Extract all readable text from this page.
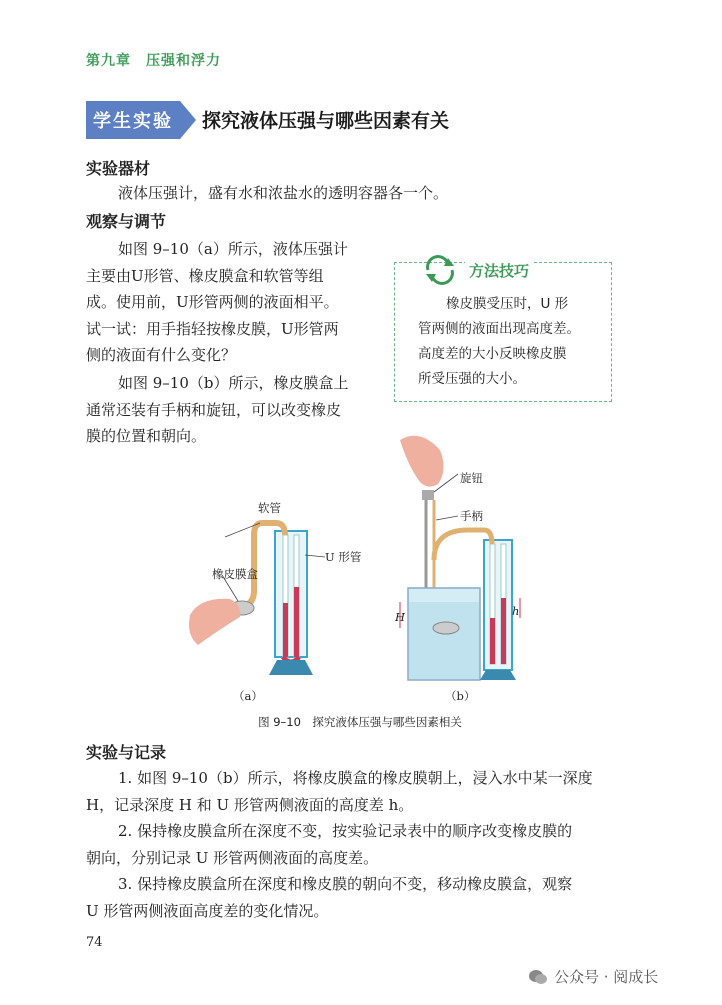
第九章　压强和浮力
学生实验	探究液体压强与哪些因素有关
实验器材
液体压强计，盛有水和浓盐水的透明容器各一个。
观察与调节
如图 9–10（a）所示，液体压强计
主要由U形管、橡皮膜盒和软管等组
成。使用前，U形管两侧的液面相平。
试一试：用手指轻按橡皮膜，U形管两
侧的液面有什么变化？
如图 9–10（b）所示，橡皮膜盒上
通常还装有手柄和旋钮，可以改变橡皮
膜的位置和朝向。
方法技巧
橡皮膜受压时，U 形
管两侧的液面出现高度差。
高度差的大小反映橡皮膜
所受压强的大小。
软管
U 形管
橡皮膜盒
（a）
旋钮
手柄
H	h
（b）
图 9–10　探究液体压强与哪些因素相关
实验与记录
1. 如图 9–10（b）所示，将橡皮膜盒的橡皮膜朝上，浸入水中某一深度
H，记录深度 H 和 U 形管两侧液面的高度差 h。
2. 保持橡皮膜盒所在深度不变，按实验记录表中的顺序改变橡皮膜的
朝向，分别记录 U 形管两侧液面的高度差。
3. 保持橡皮膜盒所在深度和橡皮膜的朝向不变，移动橡皮膜盒，观察
U 形管两侧液面高度差的变化情况。
74
公众号 · 阅成长
